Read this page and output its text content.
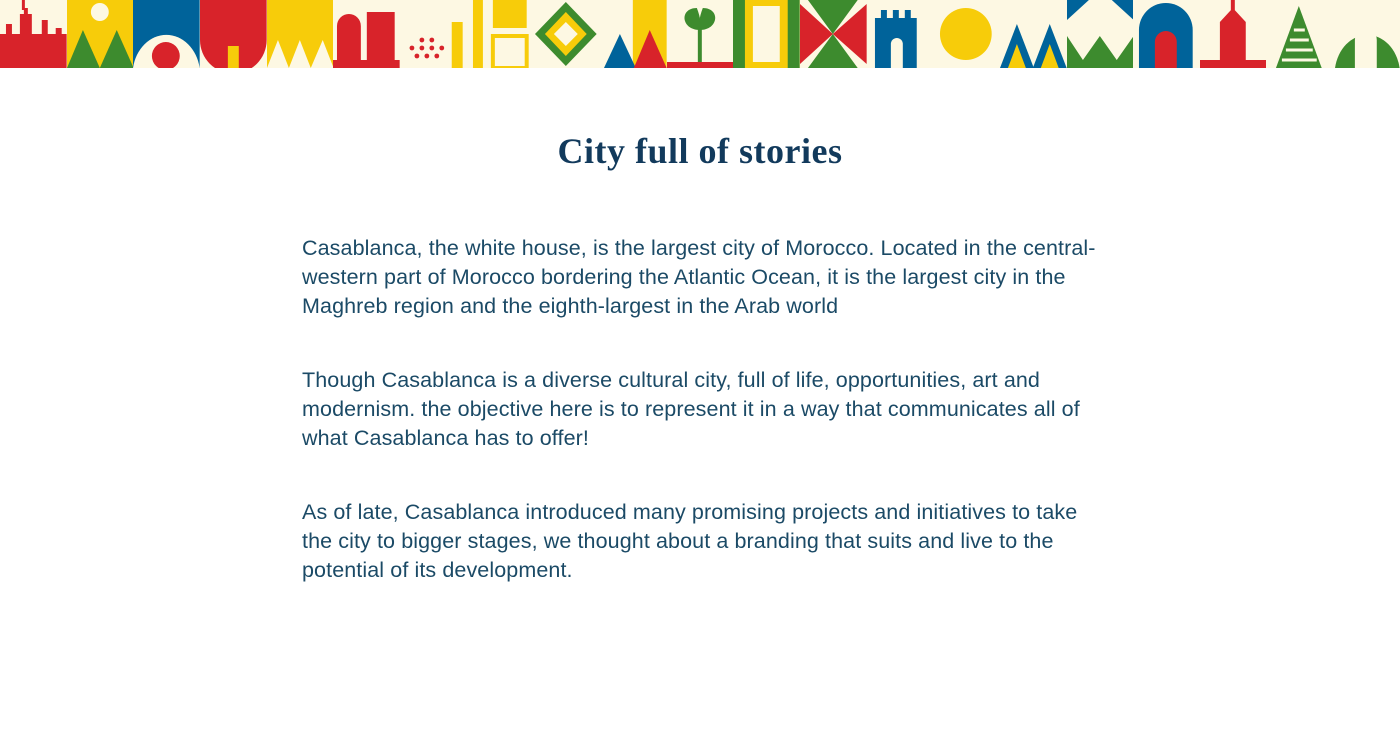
City full of stories

Casablanca, the white house, is the largest city of Morocco. Located in the central-western part of Morocco bordering the Atlantic Ocean, it is the largest city in the Maghreb region and the eighth-largest in the Arab world

Though Casablanca is a diverse cultural city, full of life, opportunities, art and modernism. the objective here is to represent it in a way that communicates all of what Casablanca has to offer!

As of late, Casablanca introduced many promising projects and initiatives to take the city to bigger stages, we thought about a branding that suits and live to the potential of its development.
